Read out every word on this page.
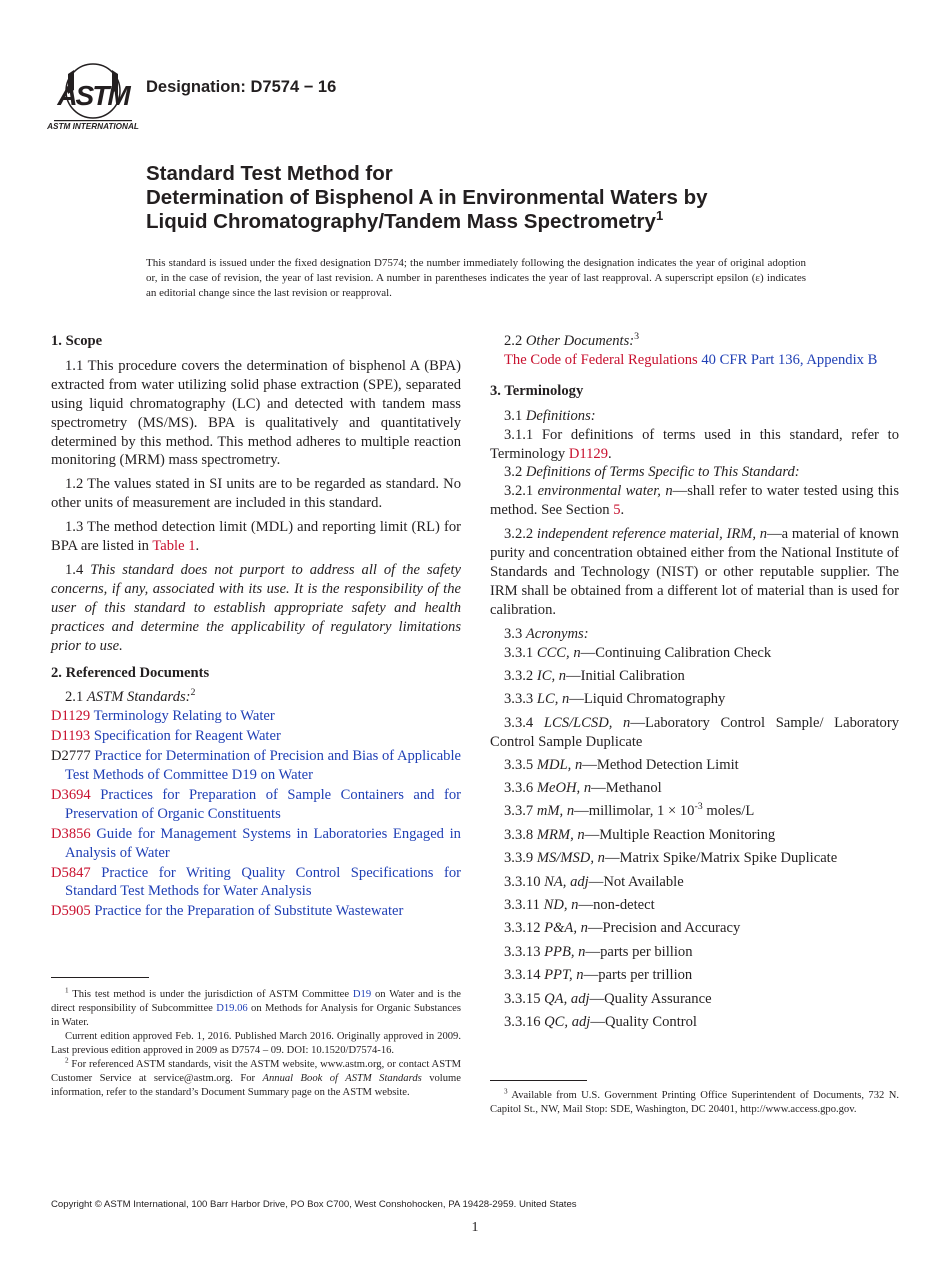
ASTM
ASTM INTERNATIONAL
Designation: D7574 − 16
Standard Test Method for
Determination of Bisphenol A in Environmental Waters by
Liquid Chromatography/Tandem Mass Spectrometry$^1$
This standard is issued under the fixed designation D7574; the number immediately following the designation indicates the year of original adoption or, in the case of revision, the year of last revision. A number in parentheses indicates the year of last reapproval. A superscript epsilon (ε) indicates an editorial change since the last revision or reapproval.
1. Scope

1.1 This procedure covers the determination of bisphenol A (BPA) extracted from water utilizing solid phase extraction (SPE), separated using liquid chromatography (LC) and detected with tandem mass spectrometry (MS/MS). BPA is qualitatively and quantitatively determined by this method. This method adheres to multiple reaction monitoring (MRM) mass spectrometry.

1.2 The values stated in SI units are to be regarded as standard. No other units of measurement are included in this standard.

1.3 The method detection limit (MDL) and reporting limit (RL) for BPA are listed in Table 1.

1.4 This standard does not purport to address all of the safety concerns, if any, associated with its use. It is the responsibility of the user of this standard to establish appropriate safety and health practices and determine the applicability of regulatory limitations prior to use.

2. Referenced Documents

2.1 ASTM Standards:$^2$

D1129 Terminology Relating to Water
D1193 Specification for Reagent Water
D2777 Practice for Determination of Precision and Bias of Applicable Test Methods of Committee D19 on Water
D3694 Practices for Preparation of Sample Containers and for Preservation of Organic Constituents
D3856 Guide for Management Systems in Laboratories Engaged in Analysis of Water
D5847 Practice for Writing Quality Control Specifications for Standard Test Methods for Water Analysis
D5905 Practice for the Preparation of Substitute Wastewater

$^1$ This test method is under the jurisdiction of ASTM Committee D19 on Water and is the direct responsibility of Subcommittee D19.06 on Methods for Analysis for Organic Substances in Water.

Current edition approved Feb. 1, 2016. Published March 2016. Originally approved in 2009. Last previous edition approved in 2009 as D7574 – 09. DOI: 10.1520/D7574-16.

$^2$ For referenced ASTM standards, visit the ASTM website, www.astm.org, or contact ASTM Customer Service at service@astm.org. For Annual Book of ASTM Standards volume information, refer to the standard’s Document Summary page on the ASTM website.

2.2 Other Documents:$^3$

The Code of Federal Regulations 40 CFR Part 136, Appendix B
3. Terminology

3.1 Definitions:

3.1.1 For definitions of terms used in this standard, refer to Terminology D1129.

3.2 Definitions of Terms Specific to This Standard:

3.2.1 environmental water, n—shall refer to water tested using this method. See Section 5.

3.2.2 independent reference material, IRM, n—a material of known purity and concentration obtained either from the National Institute of Standards and Technology (NIST) or other reputable supplier. The IRM shall be obtained from a different lot of material than is used for calibration.

3.3 Acronyms:

3.3.1 CCC, n—Continuing Calibration Check
3.3.2 IC, n—Initial Calibration
3.3.3 LC, n—Liquid Chromatography
3.3.4 LCS/LCSD, n—Laboratory Control Sample/ Laboratory Control Sample Duplicate
3.3.5 MDL, n—Method Detection Limit
3.3.6 MeOH, n—Methanol
3.3.7 mM, n—millimolar, $1 \times 10^{-3}$ moles/L
3.3.8 MRM, n—Multiple Reaction Monitoring
3.3.9 MS/MSD, n—Matrix Spike/Matrix Spike Duplicate
3.3.10 NA, adj—Not Available
3.3.11 ND, n—non-detect
3.3.12 P&A, n—Precision and Accuracy
3.3.13 PPB, n—parts per billion
3.3.14 PPT, n—parts per trillion
3.3.15 QA, adj—Quality Assurance
3.3.16 QC, adj—Quality Control

$^3$ Available from U.S. Government Printing Office Superintendent of Documents, 732 N. Capitol St., NW, Mail Stop: SDE, Washington, DC 20401, http://www.access.gpo.gov.

Copyright © ASTM International, 100 Barr Harbor Drive, PO Box C700, West Conshohocken, PA 19428-2959. United States
1
